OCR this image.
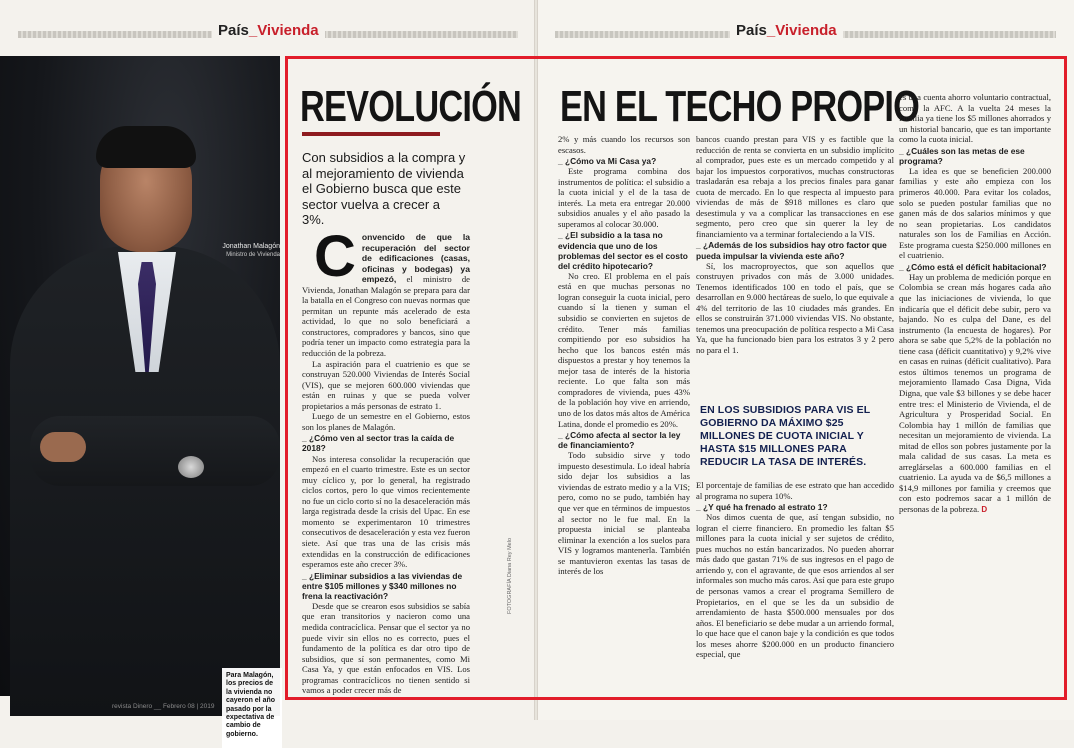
País_Vivienda
Jonathan Malagón
Ministro de Vivienda
Para Malagón, los precios de la vivienda no cayeron el año pasado por la expectativa de cambio de gobierno.
revista Dinero __ Febrero 08 | 2019
País_Vivienda
REVOLUCIÓN EN EL TECHO PROPIO
Con subsidios a la compra y al mejoramiento de vivienda el Gobierno busca que este sector vuelva a crecer a 3%.

Convencido de que la recuperación del sector de edificaciones (casas, oficinas y bodegas) ya empezó, el ministro de Vivienda, Jonathan Malagón se prepara para dar la batalla en el Congreso con nuevas normas que permitan un repunte más acelerado de esta actividad, lo que no solo beneficiará a constructores, compradores y bancos, sino que podría tener un impacto como estrategia para la reducción de la pobreza.

La aspiración para el cuatrienio es que se construyan 520.000 Viviendas de Interés Social (VIS), que se mejoren 600.000 viviendas que están en ruinas y que se pueda volver propietarios a más personas de estrato 1.

Luego de un semestre en el Gobierno, estos son los planes de Malagón.

_ ¿Cómo ven al sector tras la caída de 2018?

Nos interesa consolidar la recuperación que empezó en el cuarto trimestre. Este es un sector muy cíclico y, por lo general, ha registrado ciclos cortos, pero lo que vimos recientemente no fue un ciclo corto sí no la desaceleración más larga registrada desde la crisis del Upac. En ese momento se experimentaron 10 trimestres consecutivos de desaceleración y esta vez fueron siete. Así que tras una de las crisis más extendidas en la construcción de edificaciones esperamos este año crecer 3%.

_ ¿Eliminar subsidios a las viviendas de entre $105 millones y $340 millones no frena la reactivación?

Desde que se crearon esos subsidios se sabía que eran transitorios y nacieron como una medida contracíclica. Pensar que el sector ya no puede vivir sin ellos no es correcto, pues el fundamento de la política es dar otro tipo de subsidios, que sí son permanentes, como Mi Casa Ya, y que están enfocados en VIS. Los programas contracíclicos no tienen sentido si vamos a poder crecer más de

FOTOGRAFÍA Diana Rey Melo

2% y más cuando los recursos son escasos.

_ ¿Cómo va Mi Casa ya?

Este programa combina dos instrumentos de política: el subsidio a la cuota inicial y el de la tasa de interés. La meta era entregar 20.000 subsidios anuales y el año pasado la superamos al colocar 30.000.

_ ¿El subsidio a la tasa no evidencia que uno de los problemas del sector es el costo del crédito hipotecario?

No creo. El problema en el país está en que muchas personas no logran conseguir la cuota inicial, pero cuando sí la tienen y suman el subsidio se convierten en sujetos de crédito. Tener más familias compitiendo por eso subsidios ha hecho que los bancos estén más dispuestos a prestar y hoy tenemos la mejor tasa de interés de la historia reciente. Lo que falta son más compradores de vivienda, pues 43% de la población hoy vive en arriendo, uno de los datos más altos de América Latina, donde el promedio es 20%.

_ ¿Cómo afecta al sector la ley de financiamiento?

Todo subsidio sirve y todo impuesto desestimula. Lo ideal habría sido dejar los subsidios a las viviendas de estrato medio y a la VIS; pero, como no se pudo, también hay que ver que en términos de impuestos al sector no le fue mal. En la propuesta inicial se planteaba eliminar la exención a los suelos para VIS y logramos mantenerla. También se mantuvieron exentas las tasas de interés de los

bancos cuando prestan para VIS y es factible que la reducción de renta se convierta en un subsidio implícito al comprador, pues este es un mercado competido y al bajar los impuestos corporativos, muchas constructoras trasladarán esa rebaja a los precios finales para ganar cuota de mercado. En lo que respecta al impuesto para viviendas de más de $918 millones es claro que desestimula y va a complicar las transacciones en ese segmento, pero creo que sin querer la ley de financiamiento va a terminar fortaleciendo a la VIS.

_ ¿Además de los subsidios hay otro factor que pueda impulsar la vivienda este año?

Sí, los macroproyectos, que son aquellos que construyen privados con más de 3.000 unidades. Tenemos identificados 100 en todo el país, que se desarrollan en 9.000 hectáreas de suelo, lo que equivale a 4% del territorio de las 10 ciudades más grandes. En ellos se construirán 371.000 viviendas VIS. No obstante, tenemos una preocupación de política respecto a Mi Casa Ya, que ha funcionado bien para los estratos 3 y 2 pero no para el 1.

EN LOS SUBSIDIOS PARA VIS EL GOBIERNO DA MÁXIMO $25 MILLONES DE CUOTA INICIAL Y HASTA $15 MILLONES PARA REDUCIR LA TASA DE INTERÉS.

El porcentaje de familias de ese estrato que han accedido al programa no supera 10%.

_ ¿Y qué ha frenado al estrato 1?

Nos dimos cuenta de que, así tengan subsidio, no logran el cierre financiero. En promedio les faltan $5 millones para la cuota inicial y ser sujetos de crédito, pues muchos no están bancarizados. No pueden ahorrar más dado que gastan 71% de sus ingresos en el pago de arriendo y, con el agravante, de que esos arriendos al ser informales son mucho más caros. Así que para este grupo de personas vamos a crear el programa Semillero de Propietarios, en el que se les da un subsidio de arrendamiento de hasta $500.000 mensuales por dos años. El beneficiario se debe mudar a un arriendo formal, lo que hace que el canon baje y la condición es que todos los meses ahorre $200.000 en un producto financiero especial, que

es una cuenta ahorro voluntario contractual, como la AFC. A la vuelta 24 meses la familia ya tiene los $5 millones ahorrados y un historial bancario, que es tan importante como la cuota inicial.

_ ¿Cuáles son las metas de ese programa?

La idea es que se beneficien 200.000 familias y este año empieza con los primeros 40.000. Para evitar los colados, solo se pueden postular familias que no ganen más de dos salarios mínimos y que no sean propietarias. Los candidatos naturales son los de Familias en Acción. Este programa cuesta $250.000 millones en el cuatrienio.

_ ¿Cómo está el déficit habitacional?

Hay un problema de medición porque en Colombia se crean más hogares cada año que las iniciaciones de vivienda, lo que indicaría que el déficit debe subir, pero va bajando. No es culpa del Dane, es del instrumento (la encuesta de hogares). Por ahora se sabe que 5,2% de la población no tiene casa (déficit cuantitativo) y 9,2% vive en casas en ruinas (déficit cualitativo). Para estos últimos tenemos un programa de mejoramiento llamado Casa Digna, Vida Digna, que vale $3 billones y se debe hacer entre tres: el Ministerio de Vivienda, el de Agricultura y Prosperidad Social. En Colombia hay 1 millón de familias que necesitan un mejoramiento de vivienda. La mitad de ellos son pobres justamente por la mala calidad de sus casas. La meta es arreglárselas a 600.000 familias en el cuatrienio. La ayuda va de $6,5 millones a $14,9 millones por familia y creemos que con esto podremos sacar a 1 millón de personas de la pobreza. D
